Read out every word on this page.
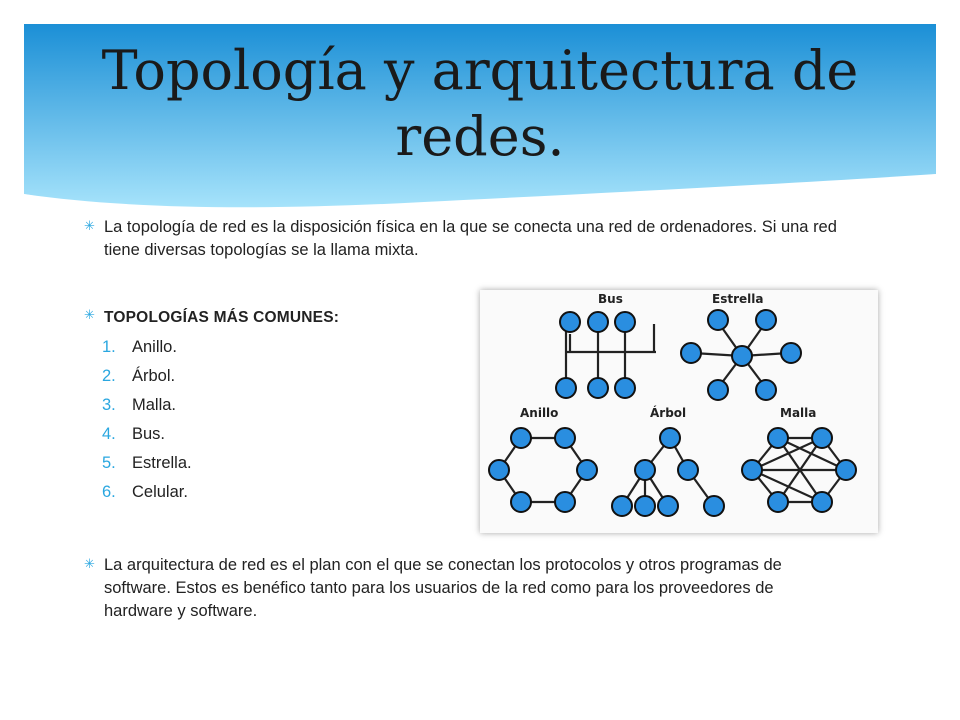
Topología y arquitectura de redes.
✳ La topología de red es la disposición física en la que se conecta una red de ordenadores. Si una red tiene diversas topologías se la llama mixta.
✳ TOPOLOGÍAS MÁS COMUNES:
1. Anillo.
2. Árbol.
3. Malla.
4. Bus.
5. Estrella.
6. Celular.
Bus	Estrella
Anillo	Árbol	Malla
✳ La arquitectura de red es el plan con el que se conectan los protocolos y otros programas de software. Estos es benéfico tanto para los usuarios de la red como para los proveedores de hardware y software.
